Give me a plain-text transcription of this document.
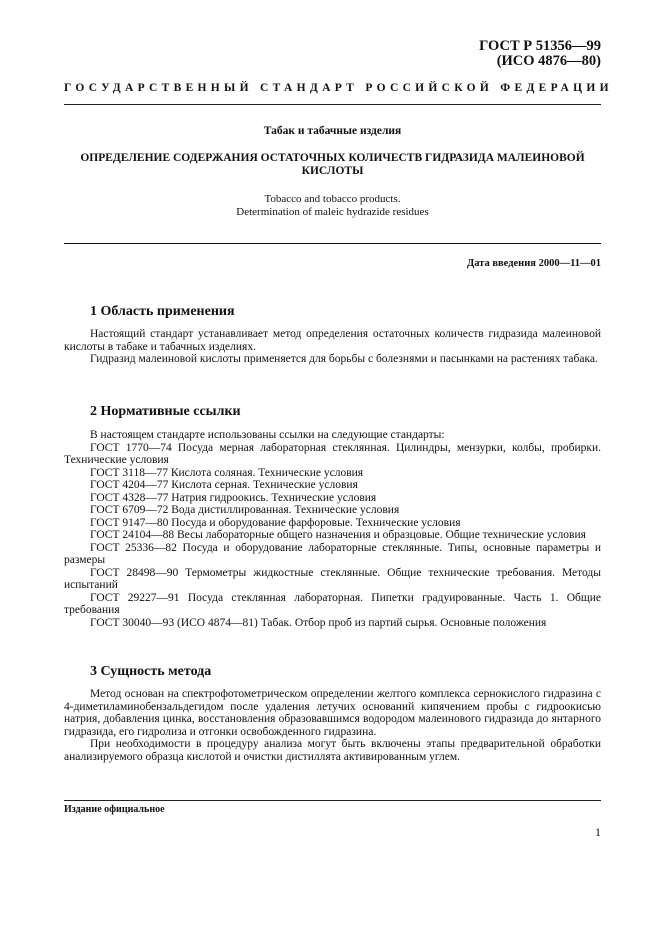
ГОСТ Р 51356—99
(ИСО 4876—80)
ГОСУДАРСТВЕННЫЙ СТАНДАРТ РОССИЙСКОЙ ФЕДЕРАЦИИ
Табак и табачные изделия
ОПРЕДЕЛЕНИЕ СОДЕРЖАНИЯ ОСТАТОЧНЫХ КОЛИЧЕСТВ ГИДРАЗИДА МАЛЕИНОВОЙ КИСЛОТЫ
Tobacco and tobacco products.
Determination of maleic hydrazide residues
Дата введения 2000—11—01
1 Область применения

Настоящий стандарт устанавливает метод определения остаточных количеств гидразида малеиновой кислоты в табаке и табачных изделиях.

Гидразид малеиновой кислоты применяется для борьбы с болезнями и пасынками на растениях табака.

2 Нормативные ссылки

В настоящем стандарте использованы ссылки на следующие стандарты:

ГОСТ 1770—74 Посуда мерная лабораторная стеклянная. Цилиндры, мензурки, колбы, пробирки. Технические условия

ГОСТ 3118—77 Кислота соляная. Технические условия

ГОСТ 4204—77 Кислота серная. Технические условия

ГОСТ 4328—77 Натрия гидроокись. Технические условия

ГОСТ 6709—72 Вода дистиллированная. Технические условия

ГОСТ 9147—80 Посуда и оборудование фарфоровые. Технические условия

ГОСТ 24104—88 Весы лабораторные общего назначения и образцовые. Общие технические условия

ГОСТ 25336—82 Посуда и оборудование лабораторные стеклянные. Типы, основные параметры и размеры

ГОСТ 28498—90 Термометры жидкостные стеклянные. Общие технические требования. Методы испытаний

ГОСТ 29227—91 Посуда стеклянная лабораторная. Пипетки градуированные. Часть 1. Общие требования

ГОСТ 30040—93 (ИСО 4874—81) Табак. Отбор проб из партий сырья. Основные положения

3 Сущность метода

Метод основан на спектрофотометрическом определении желтого комплекса сернокислого гидразина с 4-диметиламинобензальдегидом после удаления летучих оснований кипячением пробы с гидроокисью натрия, добавления цинка, восстановления образовавшимся водородом малеинового гидразида до янтарного гидразида, его гидролиза и отгонки освобожденного гидразина.

При необходимости в процедуру анализа могут быть включены этапы предварительной обработки анализируемого образца кислотой и очистки дистиллята активированным углем.

Издание официальное
1
